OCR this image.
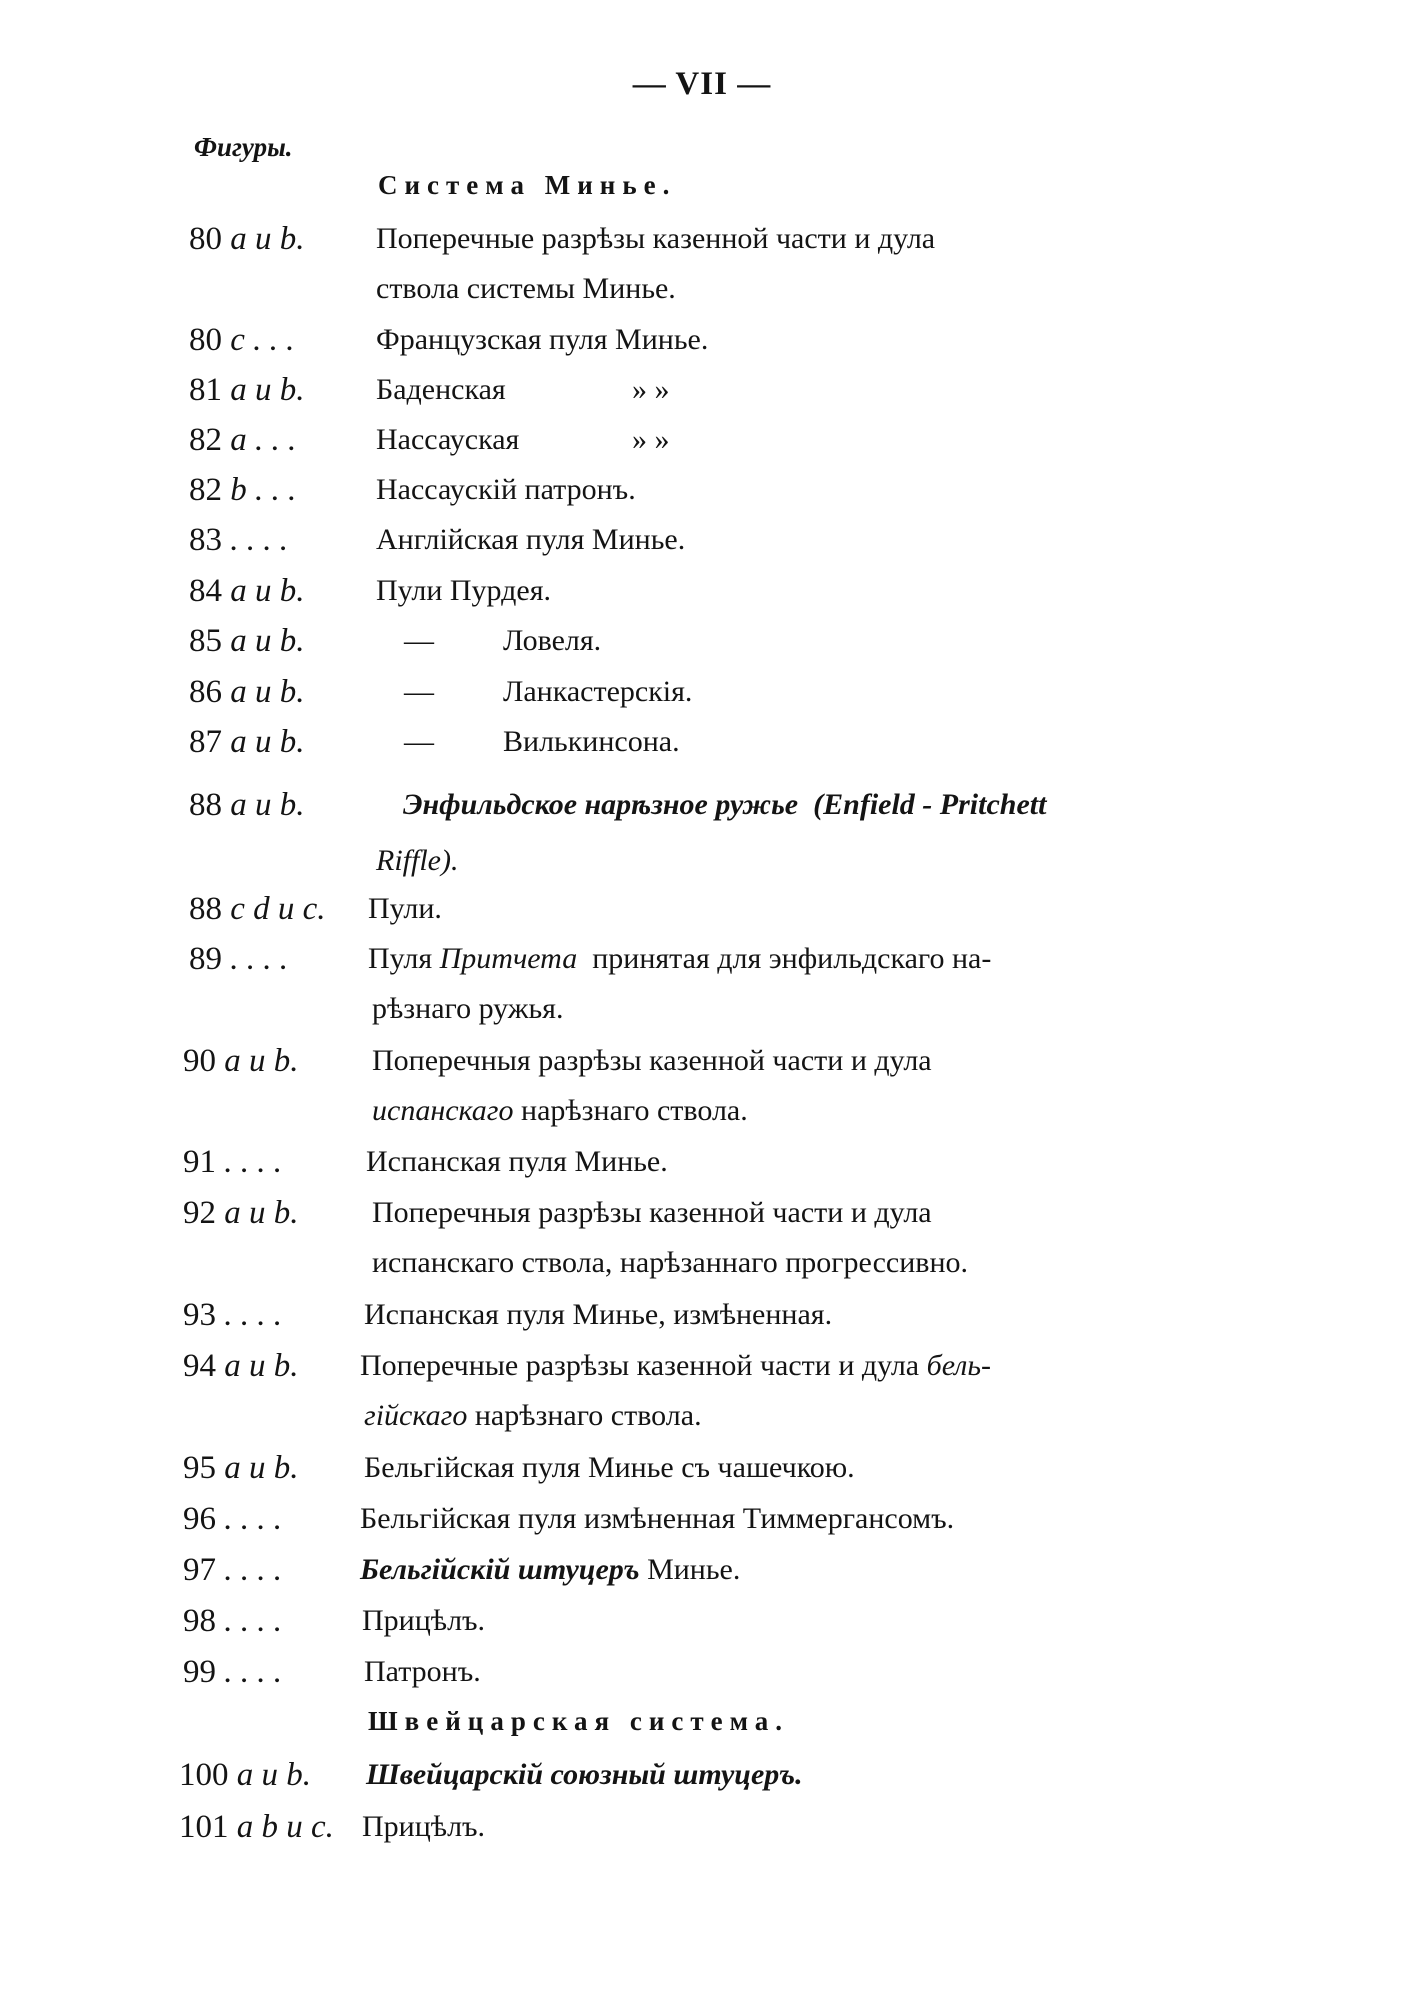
— VII —
Фигуры.
Система Минье.
80 a и b. Поперечные разрѣзы казенной части и дула
ствола системы Минье.
80 c . . .	Французская пуля Минье.
81 a и b. Баденская	» »
82 a . . .	Нассауская	» »
82 b . . .	Нассаускій патронъ.
83 . . . .	Англійская пуля Минье.
84 a и b. Пули Пурдея.
85 a и b.	— Ловеля.
86 a и b.	— Ланкастерскія.
87 a и b.	— Вилькинсона.
88 a и b.	Энфильдское нарѣзное ружье (Enfield - Pritchett
Riffle).
88 c d и c. Пули.
89 . . . .	Пуля Притчета принятая для энфильдскаго на-
рѣзнаго ружья.
90 a и b. Поперечныя разрѣзы казенной части и дула
испанскаго нарѣзнаго ствола.
91 . . . .	Испанская пуля Минье.
92 a и b. Поперечныя разрѣзы казенной части и дула
испанскаго ствола, нарѣзаннаго прогрессивно.
93 . . . .	Испанская пуля Минье, измѣненная.
94 a и b. Поперечные разрѣзы казенной части и дула бель-
гійскаго нарѣзнаго ствола.
95 a и b. Бельгійская пуля Минье съ чашечкою.
96 . . . .	Бельгійская пуля измѣненная Тиммергансомъ.
97 . . . .	Бельгійскій штуцеръ Минье.
98 . . . .	Прицѣлъ.
99 . . . .	Патронъ.
Швейцарская система.
100 a и b. Швейцарскій союзный штуцеръ.
101 a b и c. Прицѣлъ.
